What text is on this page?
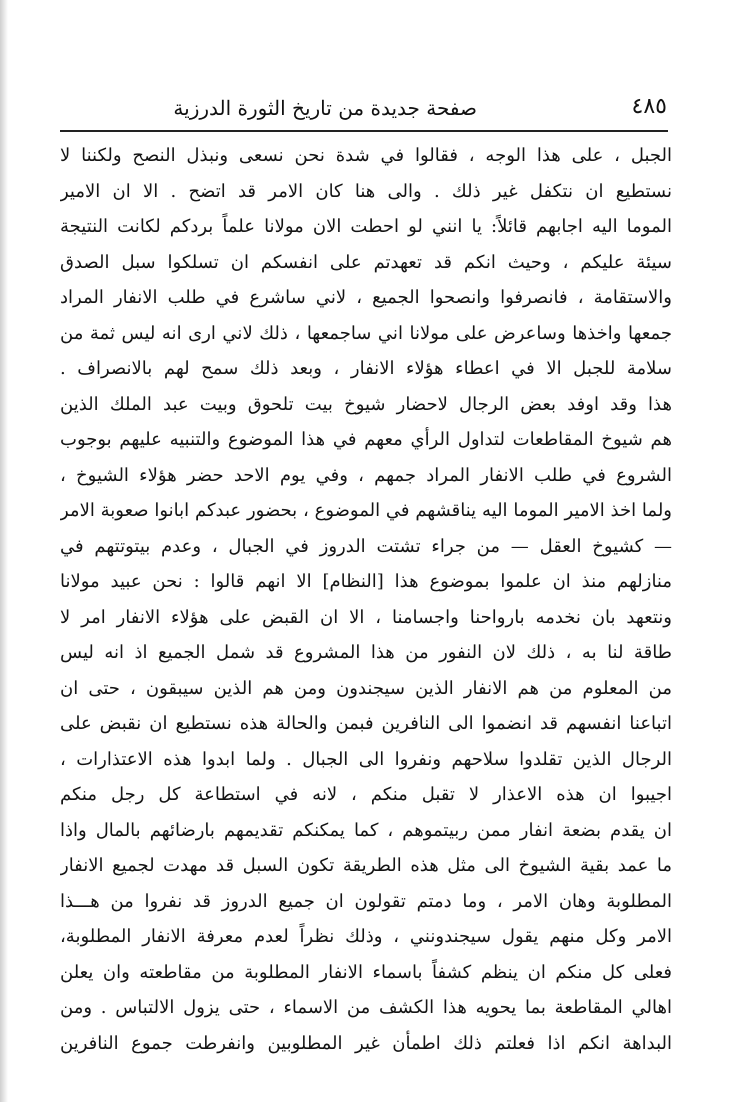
٤٨٥
صفحة جديدة من تاريخ الثورة الدرزية
الجبل ، على هذا الوجه ، فقالوا في شدة نحن نسعى ونبذل النصح ولكننا لا
نستطيع ان نتكفل غير ذلك . والى هنا كان الامر قد اتضح . الا ان الامير
الموما اليه اجابهم قائلاً: يا انني لو احطت الان مولانا علماً بردكم لكانت النتيجة
سيئة عليكم ، وحيث انكم قد تعهدتم على انفسكم ان تسلكوا سبل الصدق
والاستقامة ، فانصرفوا وانصحوا الجميع ، لاني ساشرع في طلب الانفار المراد
جمعها واخذها وساعرض على مولانا اني ساجمعها ، ذلك لاني ارى انه ليس ثمة من
سلامة للجبل الا في اعطاء هؤلاء الانفار ، وبعد ذلك سمح لهم بالانصراف .
هذا وقد اوفد بعض الرجال لاحضار شيوخ بيت تلحوق وبيت عبد الملك الذين
هم شيوخ المقاطعات لتداول الرأي معهم في هذا الموضوع والتنبيه عليهم بوجوب
الشروع في طلب الانفار المراد جمهم ، وفي يوم الاحد حضر هؤلاء الشيوخ ،
ولما اخذ الامير الموما اليه يناقشهم في الموضوع ، بحضور عبدكم ابانوا صعوبة الامر
— كشيوخ العقل — من جراء تشتت الدروز في الجبال ، وعدم بيتوتتهم في
منازلهم منذ ان علموا بموضوع هذا [النظام] الا انهم قالوا : نحن عبيد مولانا
ونتعهد بان نخدمه بارواحنا واجسامنا ، الا ان القبض على هؤلاء الانفار امر لا
طاقة لنا به ، ذلك لان النفور من هذا المشروع قد شمل الجميع اذ انه ليس
من المعلوم من هم الانفار الذين سيجندون ومن هم الذين سيبقون ، حتى ان
اتباعنا انفسهم قد انضموا الى النافرين فبمن والحالة هذه نستطيع ان نقبض على
الرجال الذين تقلدوا سلاحهم ونفروا الى الجبال . ولما ابدوا هذه الاعتذارات ،
اجيبوا ان هذه الاعذار لا تقبل منكم ، لانه في استطاعة كل رجل منكم
ان يقدم بضعة انفار ممن ربيتموهم ، كما يمكنكم تقديمهم بارضائهم بالمال واذا
ما عمد بقية الشيوخ الى مثل هذه الطريقة تكون السبل قد مهدت لجميع الانفار
المطلوبة وهان الامر ، وما دمتم تقولون ان جميع الدروز قد نفروا من هـــذا
الامر وكل منهم يقول سيجندونني ، وذلك نظراً لعدم معرفة الانفار المطلوبة،
فعلى كل منكم ان ينظم كشفاً باسماء الانفار المطلوبة من مقاطعته وان يعلن
اهالي المقاطعة بما يحويه هذا الكشف من الاسماء ، حتى يزول الالتباس . ومن
البداهة انكم اذا فعلتم ذلك اطمأن غير المطلوبين وانفرطت جموع النافرين
